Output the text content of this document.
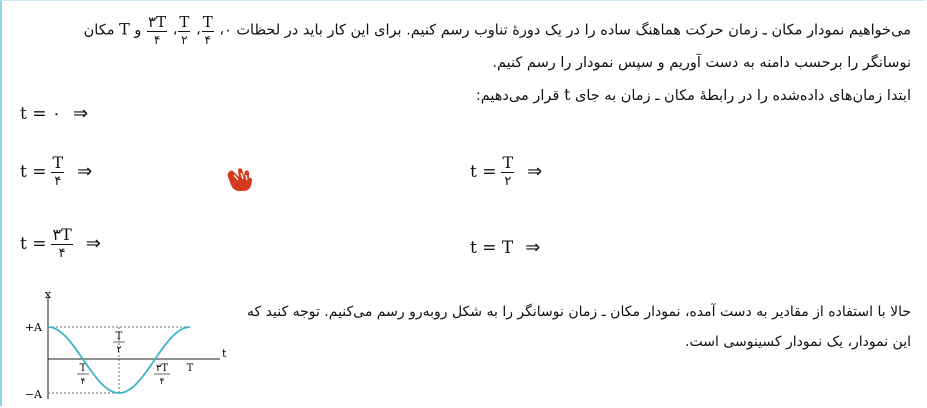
می‌خواهیم نمودار مکان ـ زمان حرکت هماهنگ ساده را در یک دورهٔ تناوب رسم کنیم. برای این کار باید در لحظات ۰،
$\frac{T}{۴}$
،
$\frac{T}{۲}$
،
$\frac{۳T}{۴}$
و T مکان
نوسانگر را برحسب دامنه به دست آوریم و سپس نمودار را رسم کنیم.
ابتدا زمان‌های داده‌شده را در رابطهٔ مکان ـ زمان به جای t قرار می‌دهیم:
t = ۰ ⇒
$t = \frac{T}{۴}$ ⇒	$t = \frac{T}{۲}$ ⇒
$t = \frac{۳T}{۴}$ ⇒	t = T ⇒
x
t
+A
−A
T
۲
T
۴
۳T
۴
T
حالا با استفاده از مقادیر به دست آمده، نمودار مکان ـ زمان نوسانگر را به شکل روبه‌رو رسم می‌کنیم. توجه کنید که
این نمودار، یک نمودار کسینوسی است.
